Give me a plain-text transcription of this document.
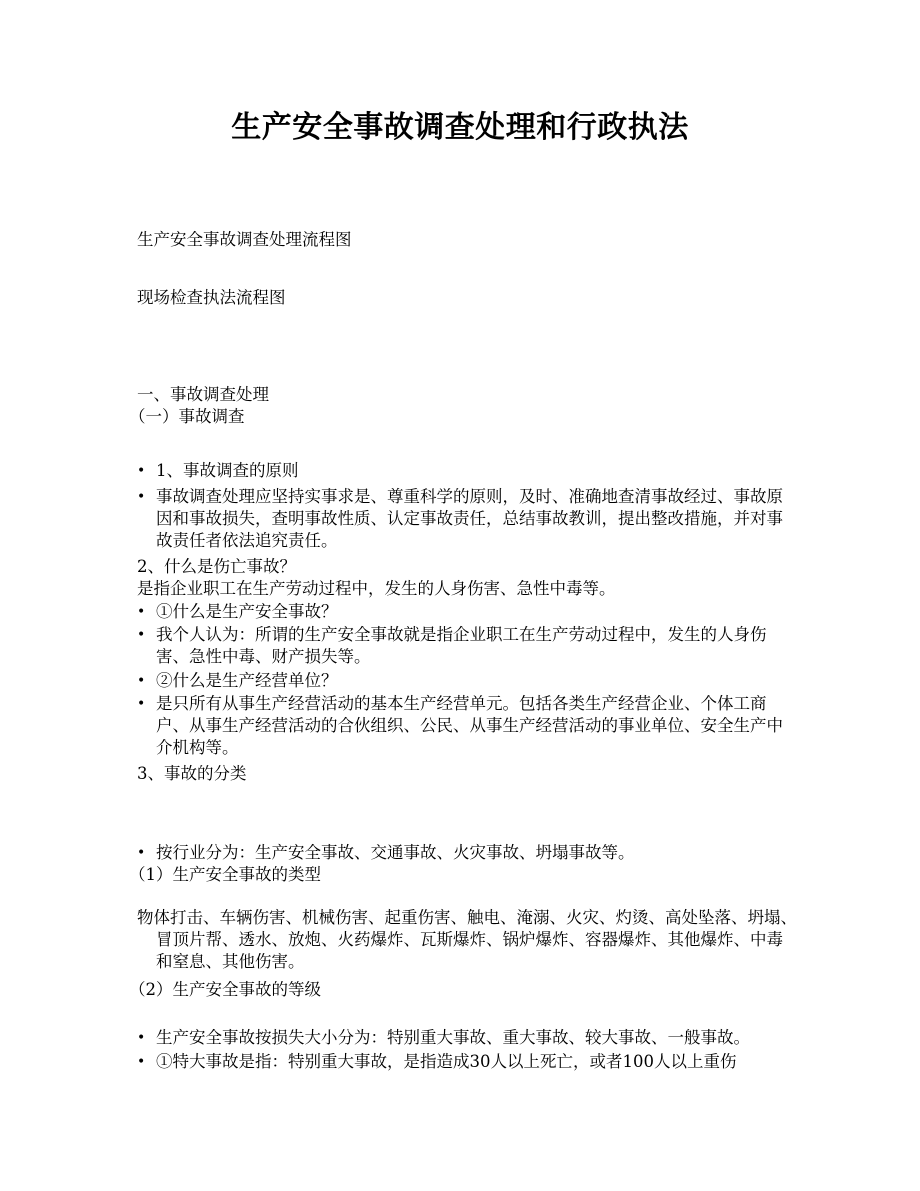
生产安全事故调查处理和行政执法
生产安全事故调查处理流程图
现场检查执法流程图
一、事故调查处理
（一）事故调查
• 1、事故调查的原则
• 事故调查处理应坚持实事求是、尊重科学的原则，及时、准确地查清事故经过、事故原因和事故损失，查明事故性质、认定事故责任，总结事故教训，提出整改措施，并对事故责任者依法追究责任。
2、什么是伤亡事故？
是指企业职工在生产劳动过程中，发生的人身伤害、急性中毒等。
• ①什么是生产安全事故？
• 我个人认为：所谓的生产安全事故就是指企业职工在生产劳动过程中，发生的人身伤害、急性中毒、财产损失等。
• ②什么是生产经营单位？
• 是只所有从事生产经营活动的基本生产经营单元。包括各类生产经营企业、个体工商户、从事生产经营活动的合伙组织、公民、从事生产经营活动的事业单位、安全生产中介机构等。
3、事故的分类
• 按行业分为：生产安全事故、交通事故、火灾事故、坍塌事故等。
（1）生产安全事故的类型
物体打击、车辆伤害、机械伤害、起重伤害、触电、淹溺、火灾、灼烫、高处坠落、坍塌、冒顶片帮、透水、放炮、火药爆炸、瓦斯爆炸、锅炉爆炸、容器爆炸、其他爆炸、中毒和窒息、其他伤害。
（2）生产安全事故的等级
• 生产安全事故按损失大小分为：特别重大事故、重大事故、较大事故、一般事故。
• ①特大事故是指：特别重大事故，是指造成30人以上死亡，或者100人以上重伤
